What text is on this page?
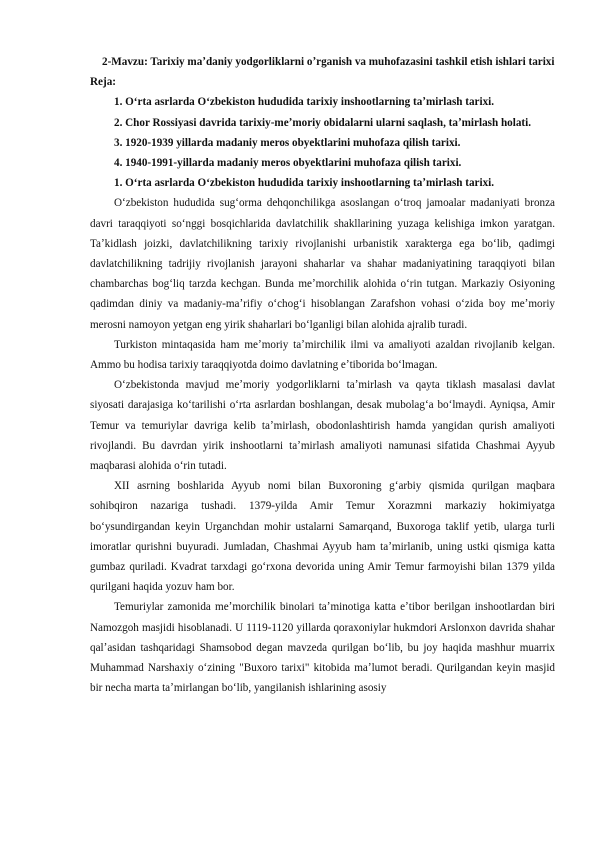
2-Mavzu: Tarixiy maʼdaniy yodgorliklarni oʼrganish va muhofazasini tashkil etish ishlari tarixi

Reja:

1. Oʻrta asrlarda Oʻzbekiston hududida tarixiy inshootlarning taʼmirlash tarixi.

2. Chor Rossiyasi davrida tarixiy-meʼmoriy obidalarni ularni saqlash, taʼmirlash holati.

3. 1920-1939 yillarda madaniy meros obyektlarini muhofaza qilish tarixi.

4. 1940-1991-yillarda madaniy meros obyektlarini muhofaza qilish tarixi.

1. Oʻrta asrlarda Oʻzbekiston hududida tarixiy inshootlarning taʼmirlash tarixi.

Oʻzbekiston hududida sugʻorma dehqonchilikga asoslangan oʻtroq jamoalar madaniyati bronza davri taraqqiyoti soʻnggi bosqichlarida davlatchilik shakllarining yuzaga kelishiga imkon yaratgan. Taʼkidlash joizki, davlatchilikning tarixiy rivojlanishi urbanistik xarakterga ega boʻlib, qadimgi davlatchilikning tadrijiy rivojlanish jarayoni shaharlar va shahar madaniyatining taraqqiyoti bilan chambarchas bogʻliq tarzda kechgan. Bunda meʼmorchilik alohida oʻrin tutgan. Markaziy Osiyoning qadimdan diniy va madaniy-maʼrifiy oʻchogʻi hisoblangan Zarafshon vohasi oʻzida boy meʼmoriy merosni namoyon yetgan eng yirik shaharlari boʻlganligi bilan alohida ajralib turadi.

Turkiston mintaqasida ham meʼmoriy taʼmirchilik ilmi va amaliyoti azaldan rivojlanib kelgan. Ammo bu hodisa tarixiy taraqqiyotda doimo davlatning eʼtiborida boʻlmagan.

Oʻzbekistonda mavjud meʼmoriy yodgorliklarni taʼmirlash va qayta tiklash masalasi davlat siyosati darajasiga koʻtarilishi oʻrta asrlardan boshlangan, desak mubolagʻa boʻlmaydi. Ayniqsa, Amir Temur va temuriylar davriga kelib taʼmirlash, obodonlashtirish hamda yangidan qurish amaliyoti rivojlandi. Bu davrdan yirik inshootlarni taʼmirlash amaliyoti namunasi sifatida Chashmai Ayyub maqbarasi alohida oʻrin tutadi.

XII asrning boshlarida Ayyub nomi bilan Buxoroning gʻarbiy qismida qurilgan maqbara sohibqiron nazariga tushadi. 1379-yilda Amir Temur Xorazmni markaziy hokimiyatga boʻysundirgandan keyin Urganchdan mohir ustalarni Samarqand, Buxoroga taklif yetib, ularga turli imoratlar qurishni buyuradi. Jumladan, Chashmai Ayyub ham taʼmirlanib, uning ustki qismiga katta gumbaz quriladi. Kvadrat tarxdagi goʻrxona devorida uning Amir Temur farmoyishi bilan 1379 yilda qurilgani haqida yozuv ham bor.

Temuriylar zamonida meʼmorchilik binolari taʼminotiga katta eʼtibor berilgan inshootlardan biri Namozgoh masjidi hisoblanadi. U 1119-1120 yillarda qoraxoniylar hukmdori Arslonxon davrida shahar qalʼasidan tashqaridagi Shamsobod degan mavzeda qurilgan boʻlib, bu joy haqida mashhur muarrix Muhammad Narshaxiy oʻzining "Buxoro tarixi" kitobida maʼlumot beradi. Qurilgandan keyin masjid bir necha marta taʼmirlangan boʻlib, yangilanish ishlarining asosiy
